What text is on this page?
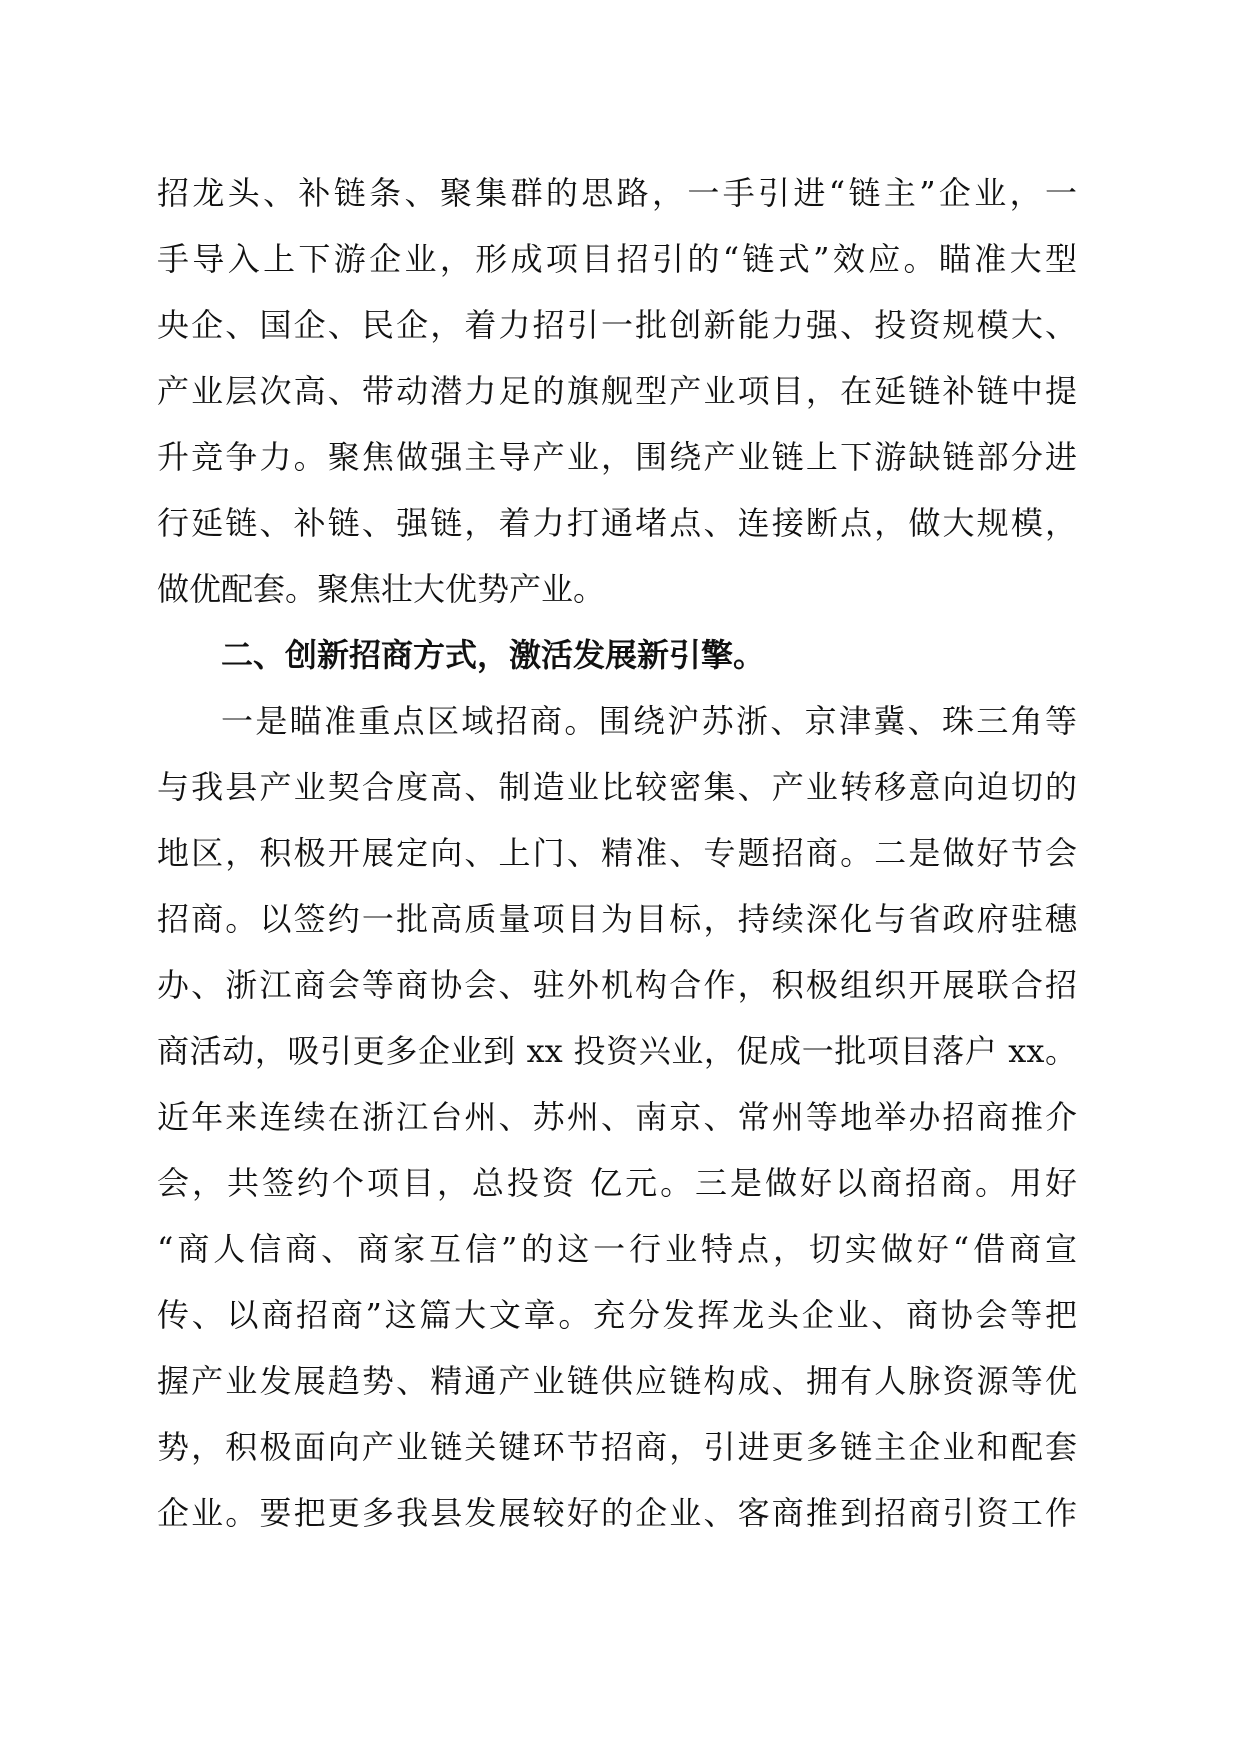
招龙头、补链条、聚集群的思路，一手引进“链主”企业，一
手导入上下游企业，形成项目招引的“链式”效应。瞄准大型
央企、国企、民企，着力招引一批创新能力强、投资规模大、
产业层次高、带动潜力足的旗舰型产业项目，在延链补链中提
升竞争力。聚焦做强主导产业，围绕产业链上下游缺链部分进
行延链、补链、强链，着力打通堵点、连接断点，做大规模，
做优配套。聚焦壮大优势产业。
二、创新招商方式，激活发展新引擎。
一是瞄准重点区域招商。围绕沪苏浙、京津冀、珠三角等
与我县产业契合度高、制造业比较密集、产业转移意向迫切的
地区，积极开展定向、上门、精准、专题招商。二是做好节会
招商。以签约一批高质量项目为目标，持续深化与省政府驻穗
办、浙江商会等商协会、驻外机构合作，积极组织开展联合招
商活动，吸引更多企业到 xx 投资兴业，促成一批项目落户 xx。
近年来连续在浙江台州、苏州、南京、常州等地举办招商推介
会，共签约个项目，总投资 亿元。三是做好以商招商。用好
“商人信商、商家互信”的这一行业特点，切实做好“借商宣
传、以商招商”这篇大文章。充分发挥龙头企业、商协会等把
握产业发展趋势、精通产业链供应链构成、拥有人脉资源等优
势，积极面向产业链关键环节招商，引进更多链主企业和配套
企业。要把更多我县发展较好的企业、客商推到招商引资工作
